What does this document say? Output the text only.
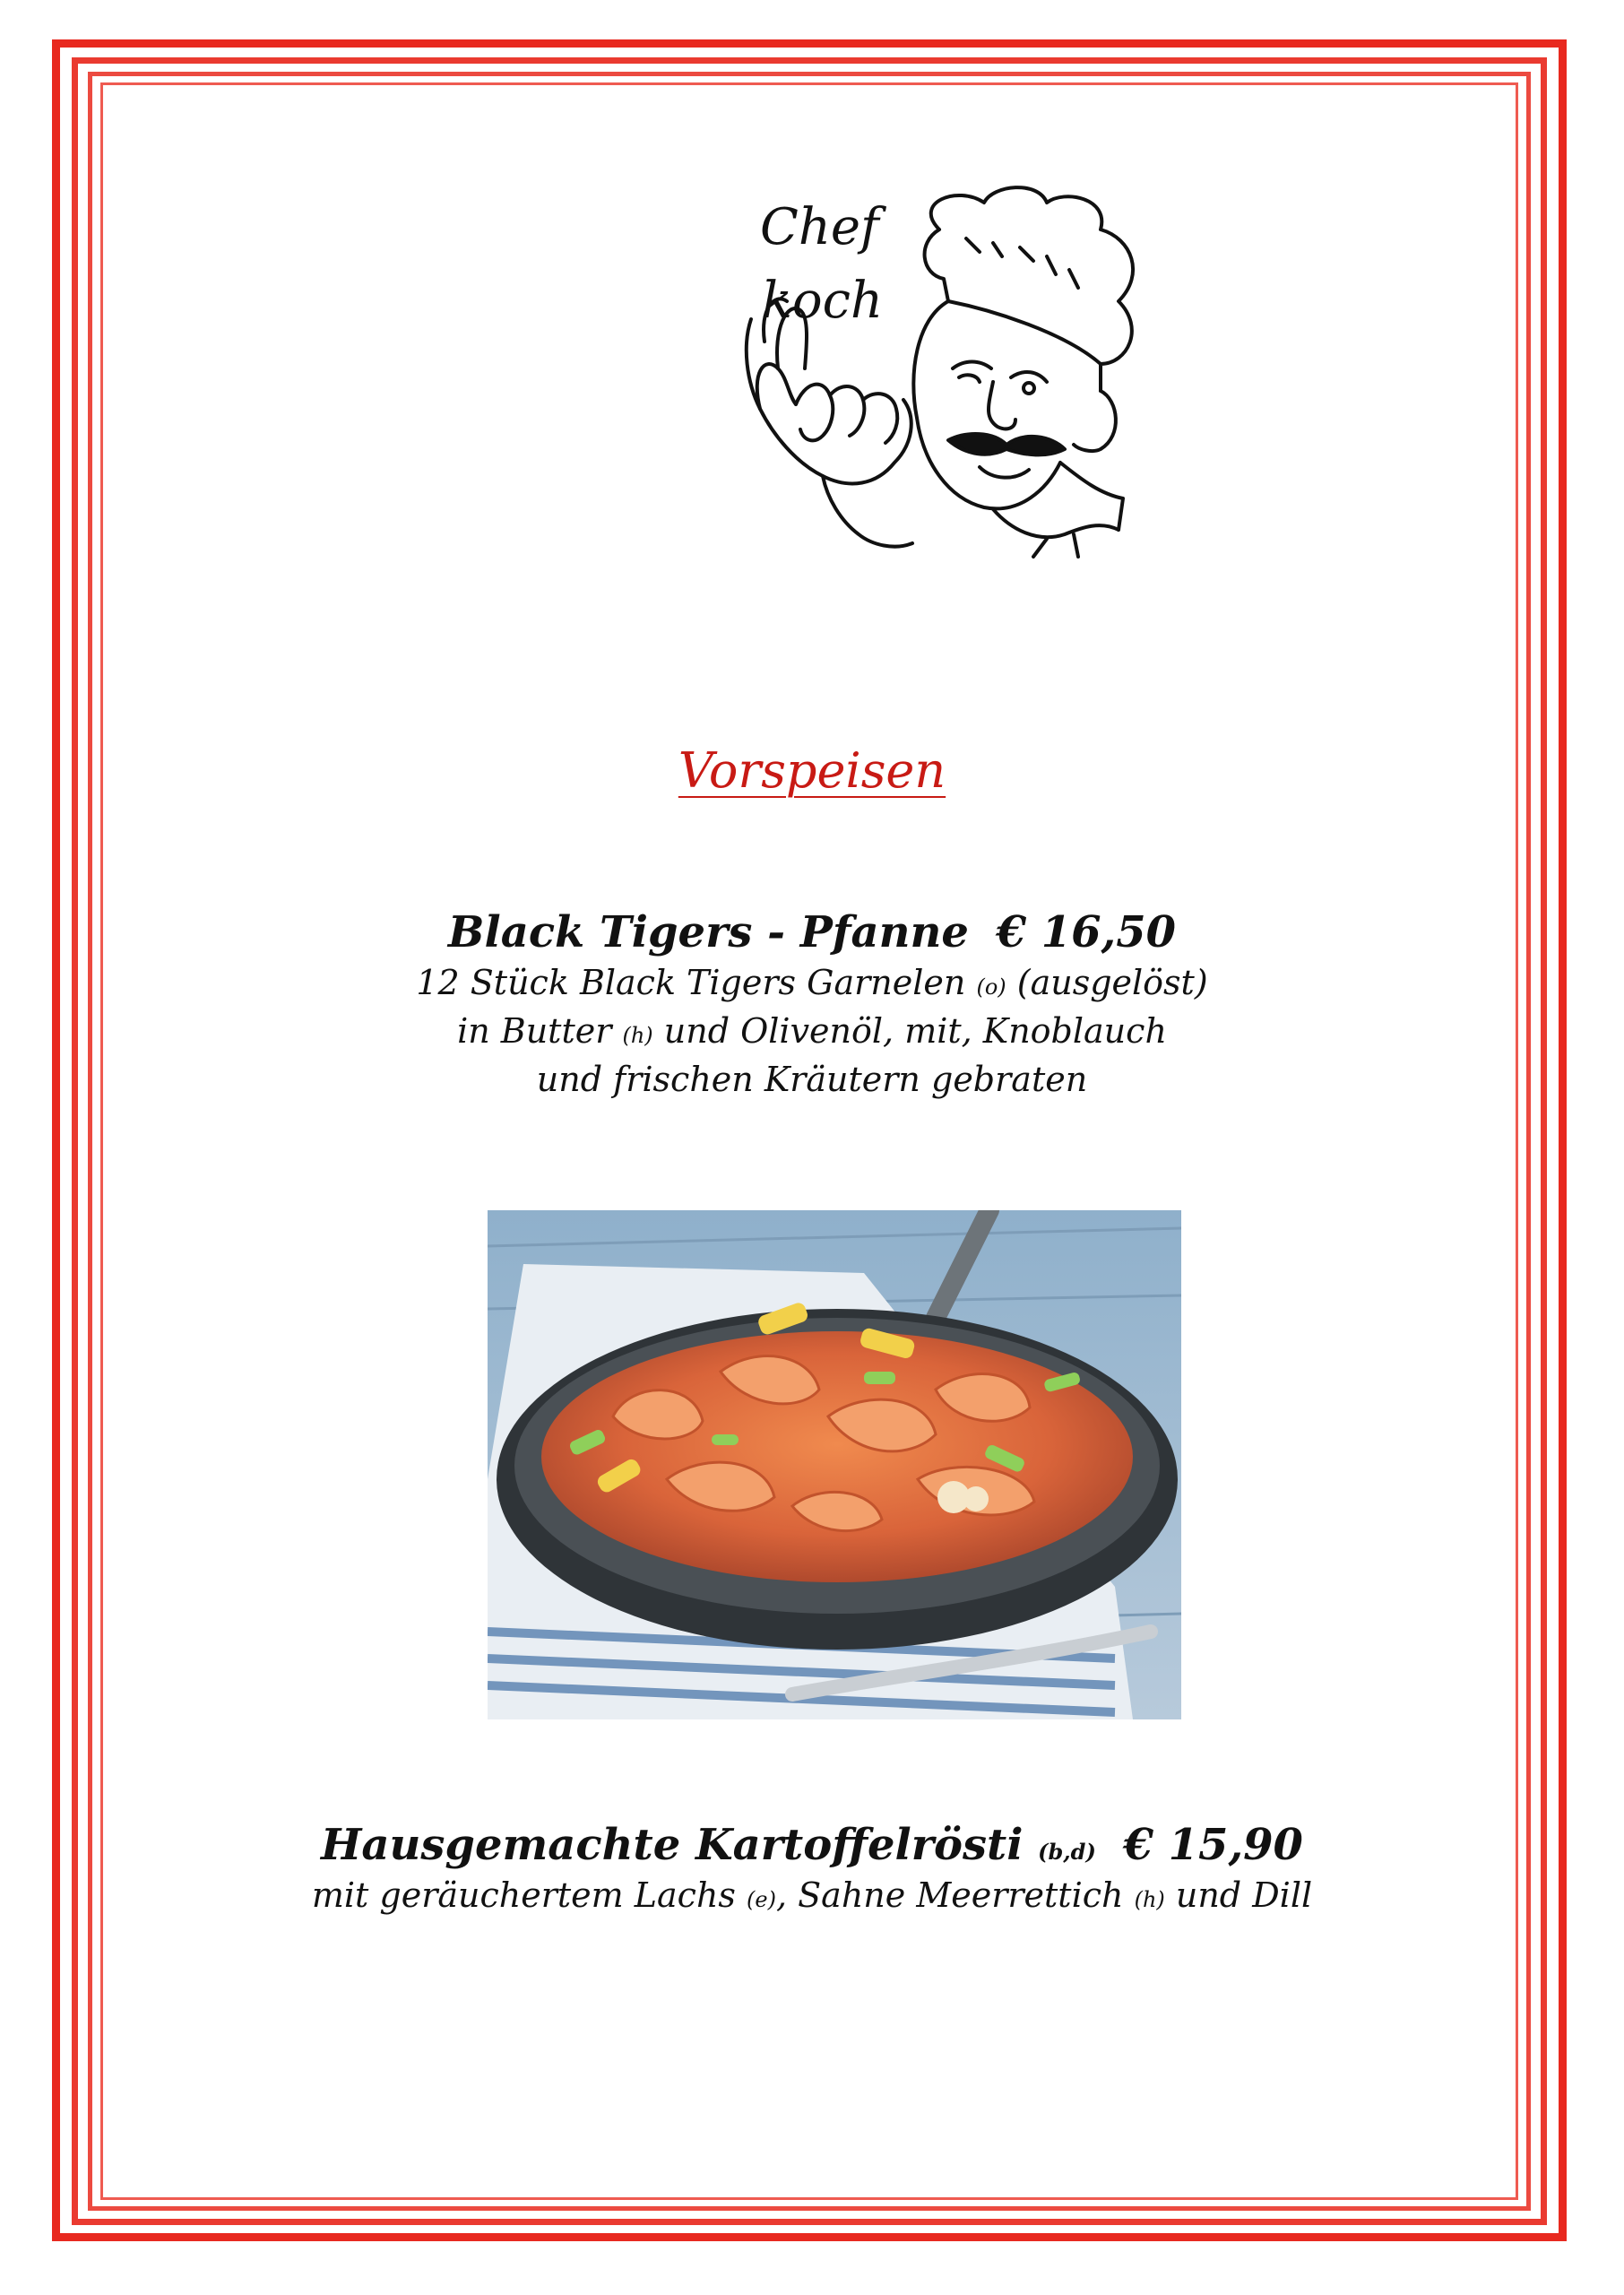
Chef
koch
Vorspeisen
Black Tigers - Pfanne € 16,50
12 Stück Black Tigers Garnelen (o) (ausgelöst)
in Butter (h) und Olivenöl, mit, Knoblauch
und frischen Kräutern gebraten
Hausgemachte Kartoffelrösti (b,d) € 15,90
mit geräuchertem Lachs (e), Sahne Meerrettich (h) und Dill
